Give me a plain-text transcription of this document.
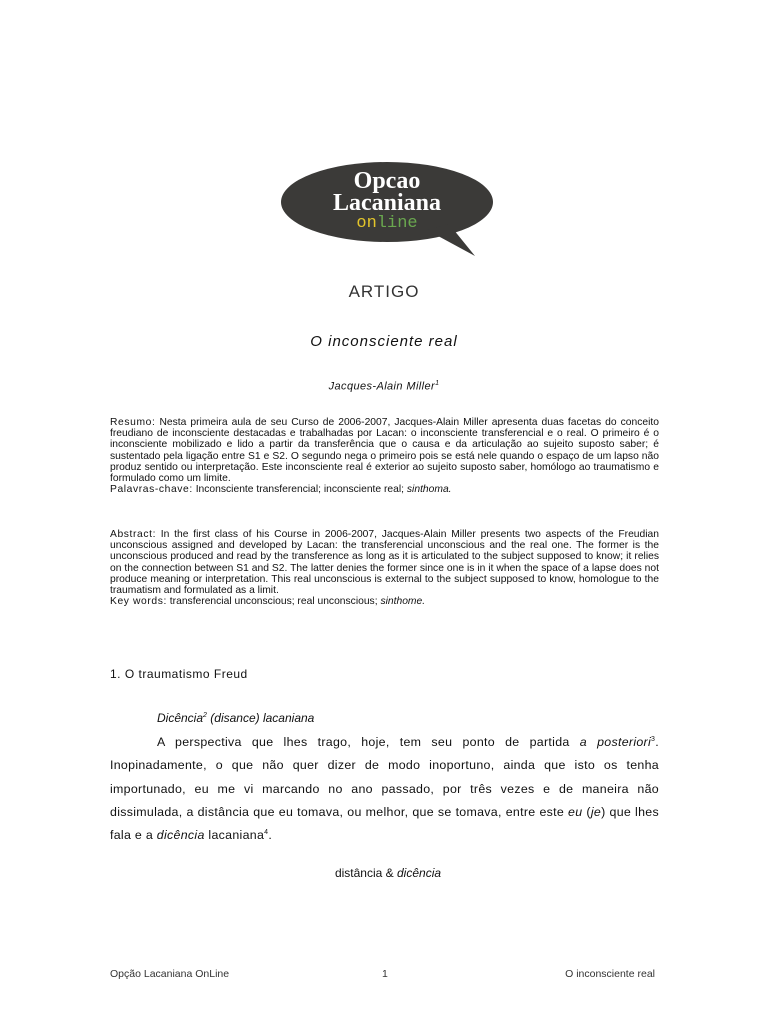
Opcao
Lacaniana
online
ARTIGO
O inconsciente real
Jacques-Alain Miller$^1$

Resumo: Nesta primeira aula de seu Curso de 2006-2007, Jacques-Alain Miller apresenta duas facetas do conceito freudiano de inconsciente destacadas e trabalhadas por Lacan: o inconsciente transferencial e o real. O primeiro é o inconsciente mobilizado e lido a partir da transferência que o causa e da articulação ao sujeito suposto saber; é sustentado pela ligação entre S1 e S2. O segundo nega o primeiro pois se está nele quando o espaço de um lapso não produz sentido ou interpretação. Este inconsciente real é exterior ao sujeito suposto saber, homólogo ao traumatismo e formulado como um limite.

Palavras-chave: Inconsciente transferencial; inconsciente real; sinthoma.

Abstract: In the first class of his Course in 2006-2007, Jacques-Alain Miller presents two aspects of the Freudian unconscious assigned and developed by Lacan: the transferencial unconscious and the real one. The former is the unconscious produced and read by the transference as long as it is articulated to the subject supposed to know; it relies on the connection between S1 and S2. The latter denies the former since one is in it when the space of a lapse does not produce meaning or interpretation. This real unconscious is external to the subject supposed to know, homologue to the traumatism and formulated as a limit.

Key words: transferencial unconscious; real unconscious; sinthome.

1. O traumatismo Freud
Dicência$^2$ (disance) lacaniana

A perspectiva que lhes trago, hoje, tem seu ponto de partida a posteriori$^3$. Inopinadamente, o que não quer dizer de modo inoportuno, ainda que isto os tenha importunado, eu me vi marcando no ano passado, por três vezes e de maneira não dissimulada, a distância que eu tomava, ou melhor, que se tomava, entre este eu (je) que lhes fala e a dicência lacaniana$^4$.

distância & dicência
Opção Lacaniana OnLine	1	O inconsciente real
